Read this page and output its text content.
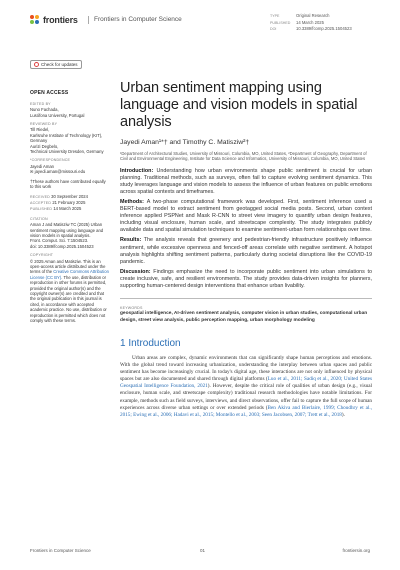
frontiers	Frontiers in Computer Science	TYPE	Original Research
PUBLISHED 14 March 2025
DOI	10.3389/fcomp.2025.1504523
Check for updates
OPEN ACCESS
EDITED BY
Nuno Fachada,
Lusófona University, Portugal
REVIEWED BY
Till Riedel,
Karlsruhe Institute of Technology (KIT),
Germany
Aurizi Degbelo,
Technical University Dresden, Germany
*CORRESPONDENCE
Jayedi Aman
✉ jayedi.aman@missouri.edu
†These authors have contributed equally to this work
RECEIVED 30 September 2024
ACCEPTED 21 February 2025
PUBLISHED 14 March 2025
CITATION
Aman J and Matisziw TC (2025) Urban sentiment mapping using language and vision models in spatial analysis.
Front. Comput. Sci. 7:1504523.
doi: 10.3389/fcomp.2025.1504523
COPYRIGHT
© 2025 Aman and Matisziw. This is an open-access article distributed under the terms of the Creative Commons Attribution License (CC BY). The use, distribution or reproduction in other forums is permitted, provided the original author(s) and the copyright owner(s) are credited and that the original publication in this journal is cited, in accordance with accepted academic practice. No use, distribution or reproduction is permitted which does not comply with these terms.
Urban sentiment mapping using language and vision models in spatial analysis
Jayedi Aman¹*† and Timothy C. Matisziw²†
¹Department of Architectural Studies, University of Missouri, Columbia, MO, United States, ²Department of Geography, Department of Civil and Environmental Engineering, Institute for Data Science and Informatics, University of Missouri, Columbia, MO, United States

Introduction: Understanding how urban environments shape public sentiment is crucial for urban planning. Traditional methods, such as surveys, often fail to capture evolving sentiment dynamics. This study leverages language and vision models to assess the influence of urban features on public emotions across spatial contexts and timeframes.

Methods: A two-phase computational framework was developed. First, sentiment inference used a BERT-based model to extract sentiment from geotagged social media posts. Second, urban context inference applied PSPNet and Mask R-CNN to street view imagery to quantify urban design features, including visual enclosure, human scale, and streetscape complexity. The study integrates publicly available data and spatial simulation techniques to examine sentiment-urban form relationships over time.

Results: The analysis reveals that greenery and pedestrian-friendly infrastructure positively influence sentiment, while excessive openness and fenced-off areas correlate with negative sentiment. A hotspot analysis highlights shifting sentiment patterns, particularly during societal disruptions like the COVID-19 pandemic.

Discussion: Findings emphasize the need to incorporate public sentiment into urban simulations to create inclusive, safe, and resilient environments. The study provides data-driven insights for planners, supporting human-centered design interventions that enhance urban livability.

KEYWORDS
geospatial intelligence, AI-driven sentiment analysis, computer vision in urban studies, computational urban design, street view analysis, public perception mapping, urban morphology modeling
1 Introduction

Urban areas are complex, dynamic environments that can significantly shape human perceptions and emotions. With the global trend toward increasing urbanization, understanding the interplay between urban spaces and public sentiment has become increasingly crucial. In today's digital age, these interactions are not only influenced by physical spaces but are also documented and shared through digital platforms (Luo et al., 2011; Sadiq et al., 2020; United States Geospatial Intelligence Foundation, 2021). However, despite the critical role of qualities of urban design (e.g., visual enclosure, human scale, and streetscape complexity) traditional research methodologies have notable limitations. For example, methods such as field surveys, interviews, and direct observations, offer fail to capture the full scope of human experiences across diverse urban settings or over extended periods (Ben Akiva and Bierlaire, 1999; Choudhry et al., 2015; Ewing et al., 2006; Hadavi et al., 2015; Montello et al., 2003; Seen Jacobsen, 2007; Trett et al., 2018).

Frontiers in Computer Science	01	frontiersin.org
